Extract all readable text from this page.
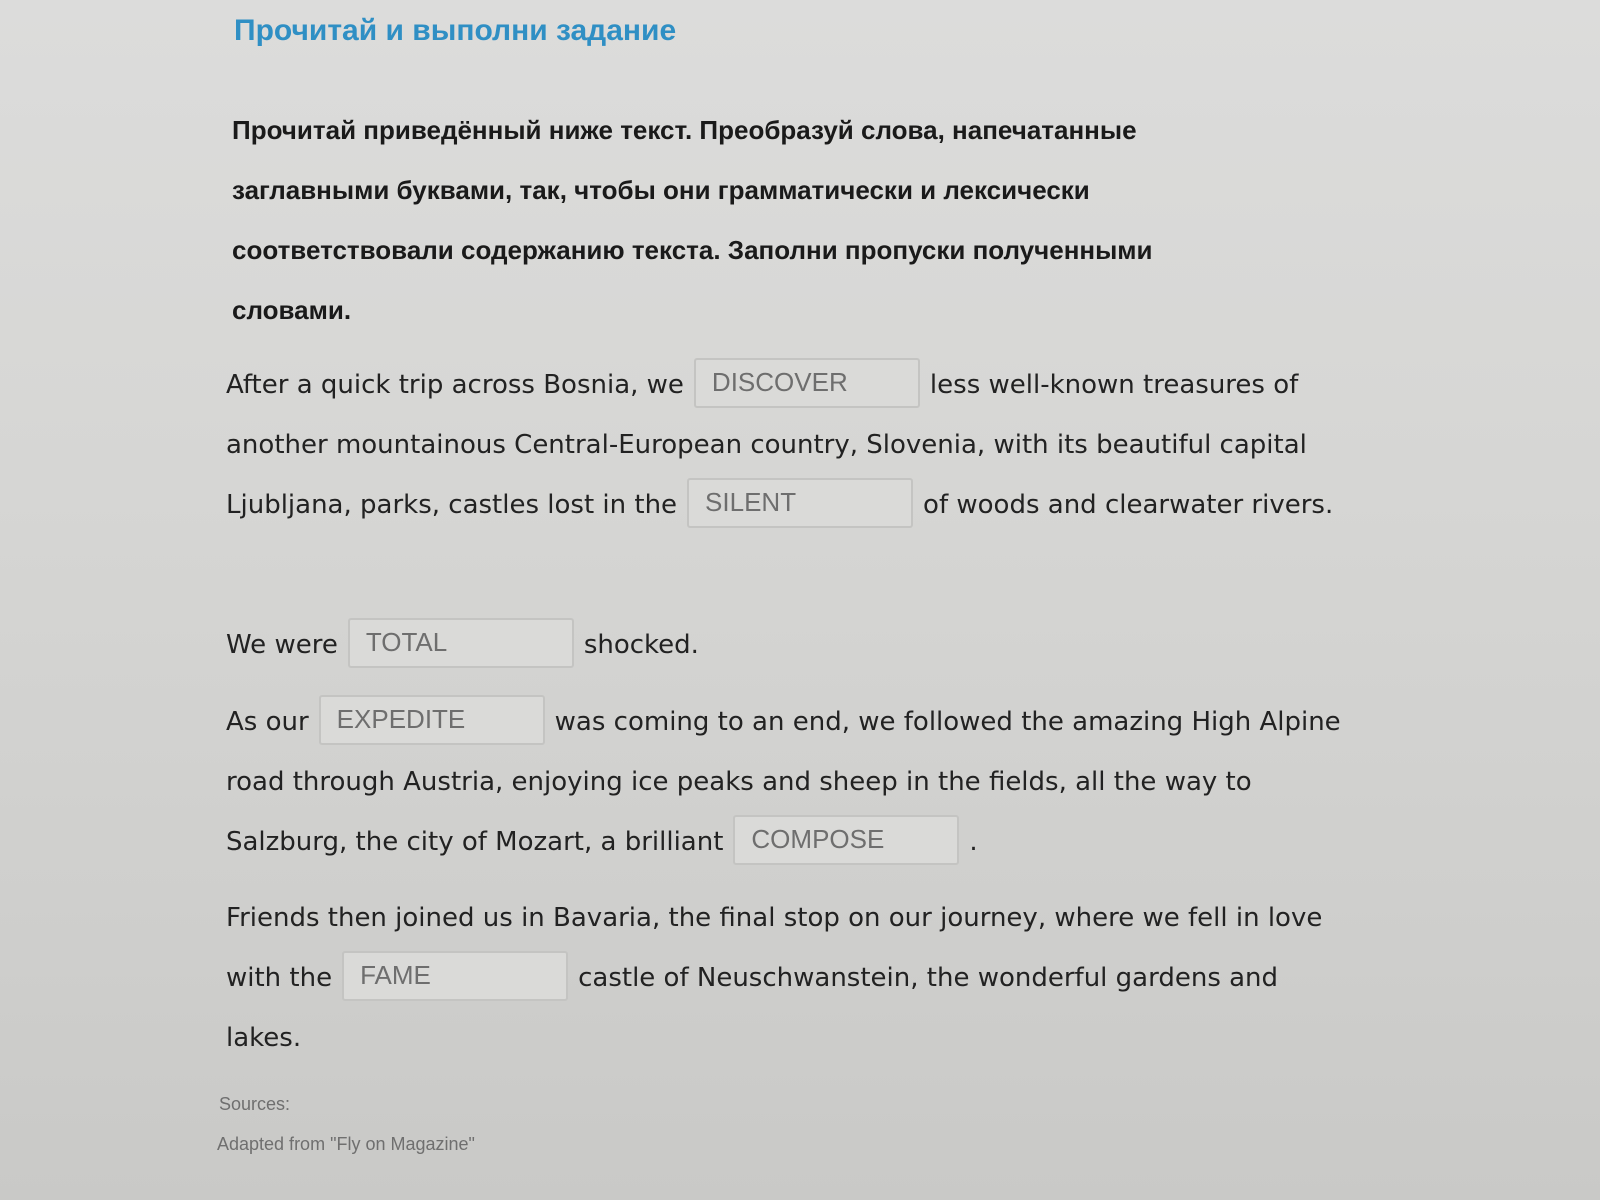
Прочитай и выполни задание

Прочитай приведённый ниже текст. Преобразуй слова, напечатанные заглавными буквами, так, чтобы они грамматически и лексически соответствовали содержанию текста. Заполни пропуски полученными словами.

After a quick trip across Bosnia, we
DISCOVER	less well-known treasures of another mountainous Central-European country, Slovenia, with its beautiful capital Ljubljana, parks, castles lost in the
SILENT	of woods and clearwater rivers.

We were
TOTAL	shocked.

As our
EXPEDITE	was coming to an end, we followed the amazing High Alpine road through Austria, enjoying ice peaks and sheep in the fields, all the way to Salzburg, the city of Mozart, a brilliant
COMPOSE	.

Friends then joined us in Bavaria, the final stop on our journey, where we fell in love with the
FAME	castle of Neuschwanstein, the wonderful gardens and lakes.

Sources:

Adapted from "Fly on Magazine"
